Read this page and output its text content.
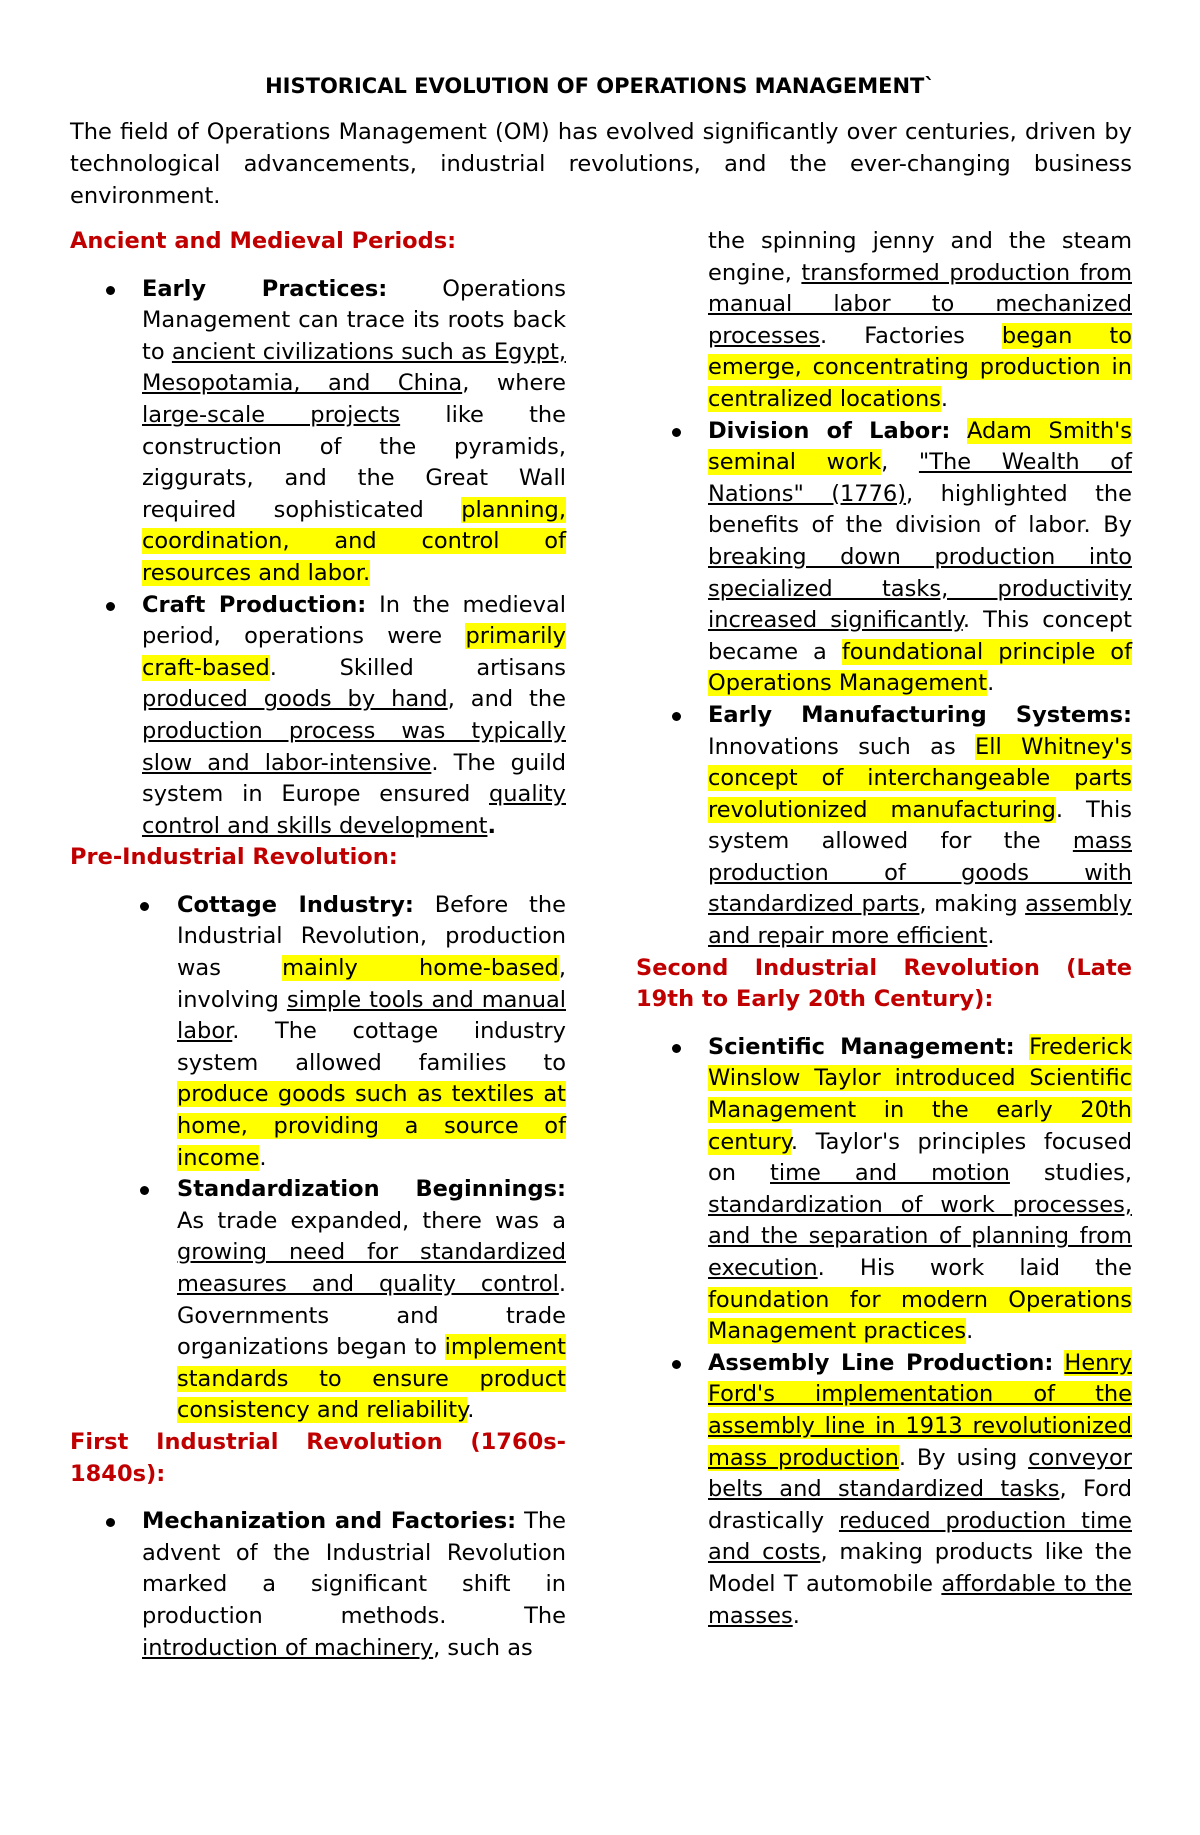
HISTORICAL EVOLUTION OF OPERATIONS MANAGEMENT`
The field of Operations Management (OM) has evolved significantly over centuries, driven by technological advancements, industrial revolutions, and the ever-changing business environment.
Ancient and Medieval Periods:
Early Practices: Operations Management can trace its roots back to ancient civilizations such as Egypt, Mesopotamia, and China, where large-scale projects like the construction of the pyramids, ziggurats, and the Great Wall required sophisticated planning, coordination, and control of resources and labor.
Craft Production: In the medieval period, operations were primarily craft-based. Skilled artisans produced goods by hand, and the production process was typically slow and labor-intensive. The guild system in Europe ensured quality control and skills development.
Pre-Industrial Revolution:
Cottage Industry: Before the Industrial Revolution, production was mainly home-based, involving simple tools and manual labor. The cottage industry system allowed families to produce goods such as textiles at home, providing a source of income.
Standardization Beginnings: As trade expanded, there was a growing need for standardized measures and quality control. Governments and trade organizations began to implement standards to ensure product consistency and reliability.
First Industrial Revolution (1760s-1840s):
Mechanization and Factories: The advent of the Industrial Revolution marked a significant shift in production methods. The introduction of machinery, such as
the spinning jenny and the steam engine, transformed production from manual labor to mechanized processes. Factories began to emerge, concentrating production in centralized locations.
Division of Labor: Adam Smith's seminal work, "The Wealth of Nations" (1776), highlighted the benefits of the division of labor. By breaking down production into specialized tasks, productivity increased significantly. This concept became a foundational principle of Operations Management.
Early Manufacturing Systems: Innovations such as Ell Whitney's concept of interchangeable parts revolutionized manufacturing. This system allowed for the mass production of goods with standardized parts, making assembly and repair more efficient.
Second Industrial Revolution (Late 19th to Early 20th Century):
Scientific Management: Frederick Winslow Taylor introduced Scientific Management in the early 20th century. Taylor's principles focused on time and motion studies, standardization of work processes, and the separation of planning from execution. His work laid the foundation for modern Operations Management practices.
Assembly Line Production: Henry Ford's implementation of the assembly line in 1913 revolutionized mass production. By using conveyor belts and standardized tasks, Ford drastically reduced production time and costs, making products like the Model T automobile affordable to the masses.
